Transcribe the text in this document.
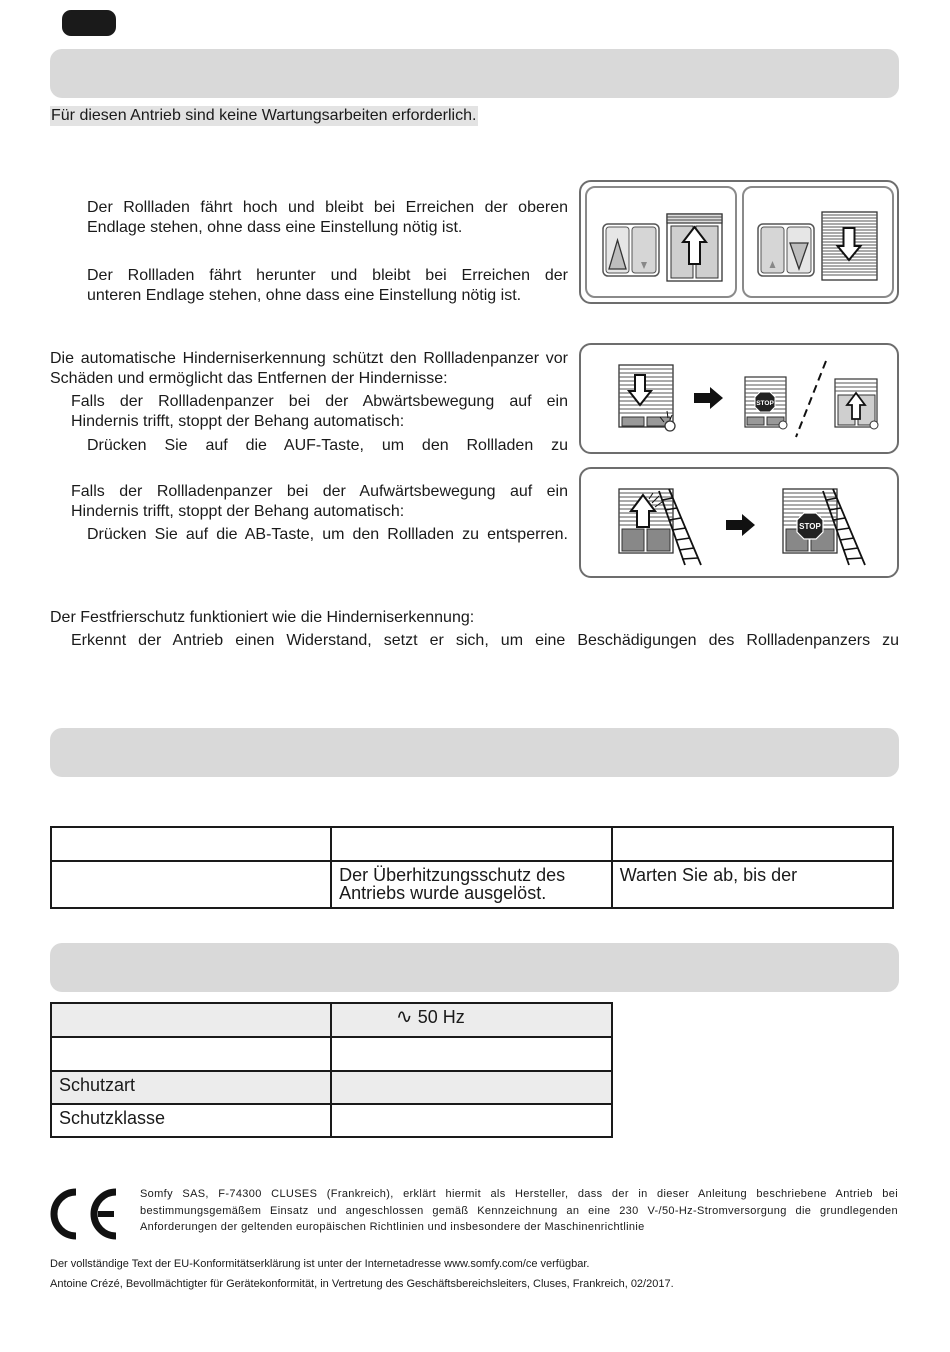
Für diesen Antrieb sind keine Wartungsarbeiten erforderlich.
Der Rollladen fährt hoch und bleibt bei Erreichen der oberen
Endlage stehen, ohne dass eine Einstellung nötig ist.
Der Rollladen fährt herunter und bleibt bei Erreichen der
unteren Endlage stehen, ohne dass eine Einstellung nötig ist.
Die automatische Hinderniserkennung schützt den Rollladenpanzer vor
Schäden und ermöglicht das Entfernen der Hindernisse:
Falls der Rollladenpanzer bei der Abwärtsbewegung auf ein
Hindernis trifft, stoppt der Behang automatisch:
Drücken Sie auf die AUF-Taste, um den Rollladen zu
Falls der Rollladenpanzer bei der Aufwärtsbewegung auf ein
Hindernis trifft, stoppt der Behang automatisch:
Drücken Sie auf die AB-Taste, um den Rollladen zu entsperren.
STOP
STOP
Der Festfrierschutz funktioniert wie die Hinderniserkennung:
Erkennt der Antrieb einen Widerstand, setzt er sich, um eine Beschädigungen des Rollladenpanzers zu

	Der Überhitzungsschutz des Antriebs wurde ausgelöst.	Warten Sie ab, bis der

	∿ 50 Hz

Schutzart	

Schutzklasse	

Somfy SAS, F-74300 CLUSES (Frankreich), erklärt hiermit als Hersteller, dass der in dieser Anleitung beschriebene Antrieb bei
bestimmungsgemäßem Einsatz und angeschlossen gemäß Kennzeichnung an eine 230 V-/50-Hz-Stromversorgung die grundlegenden
Anforderungen der geltenden europäischen Richtlinien und insbesondere der Maschinenrichtlinie
Der vollständige Text der EU-Konformitätserklärung ist unter der Internetadresse www.somfy.com/ce verfügbar.
Antoine Crézé, Bevollmächtigter für Gerätekonformität, in Vertretung des Geschäftsbereichsleiters, Cluses, Frankreich, 02/2017.
